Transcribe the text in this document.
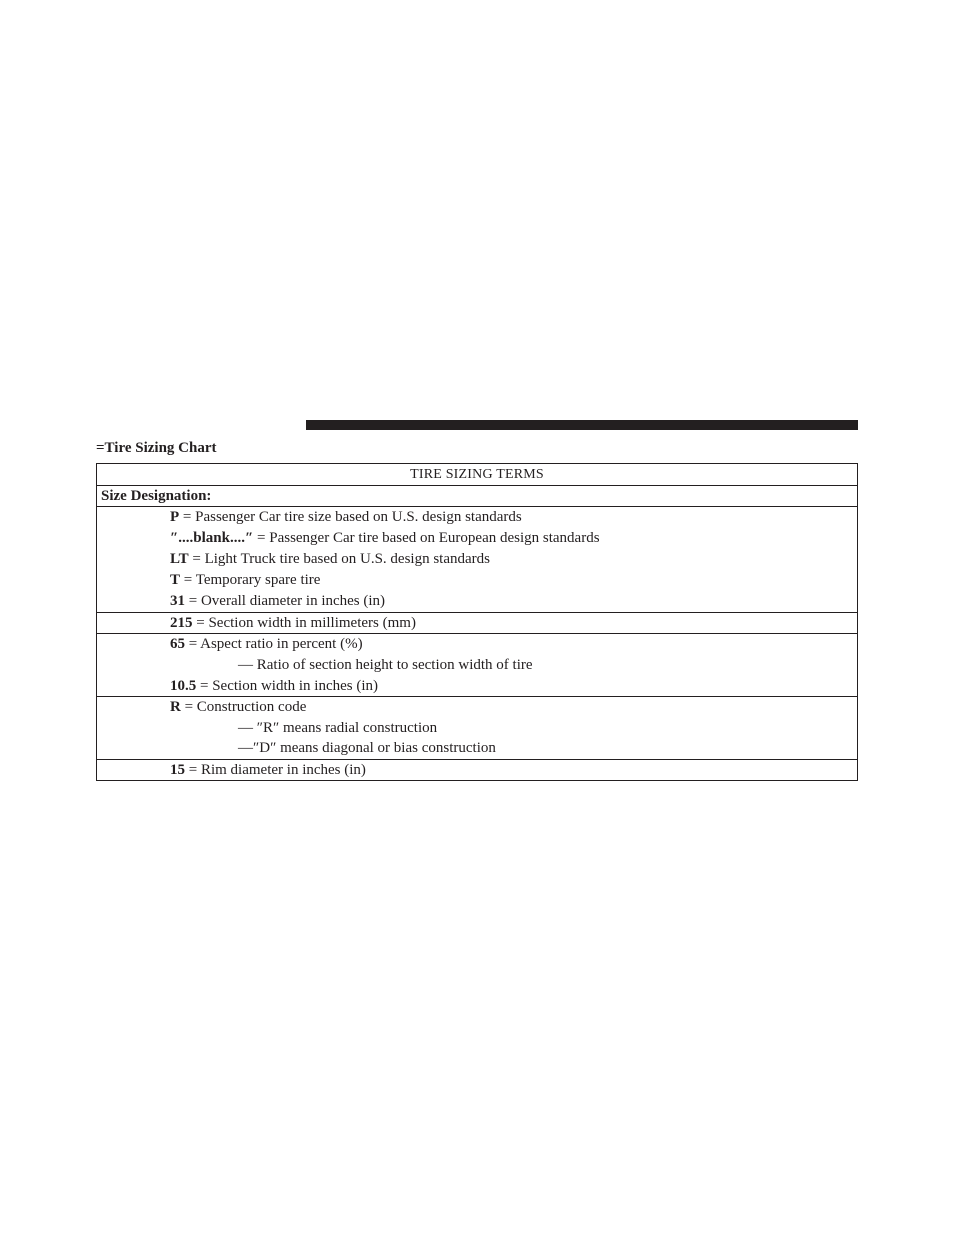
=Tire Sizing Chart
TIRE SIZING TERMS
Size Designation:

P = Passenger Car tire size based on U.S. design standards
″....blank....″ = Passenger Car tire based on European design standards
LT = Light Truck tire based on U.S. design standards
T = Temporary spare tire
31 = Overall diameter in inches (in)

215 = Section width in millimeters (mm)

65 = Aspect ratio in percent (%)
— Ratio of section height to section width of tire
10.5 = Section width in inches (in)

R = Construction code
— ″R″ means radial construction
—″D″ means diagonal or bias construction

15 = Rim diameter in inches (in)
